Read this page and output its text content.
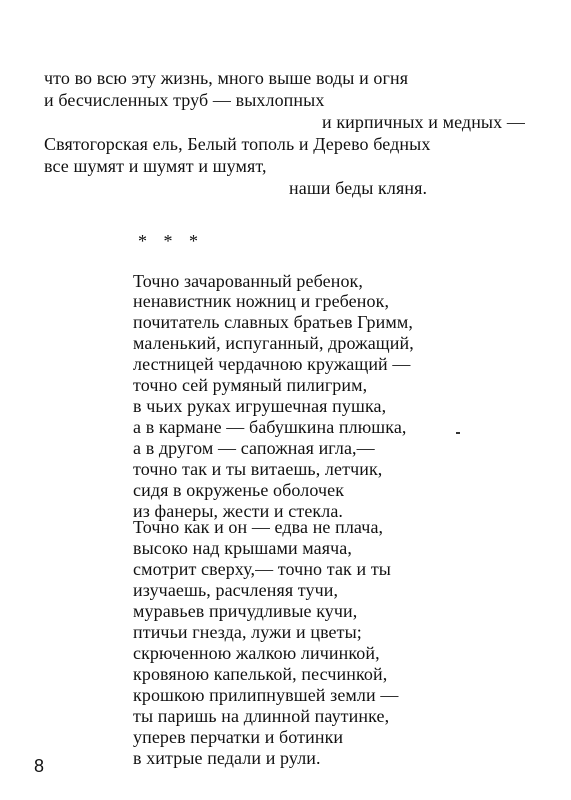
что во всю эту жизнь, много выше воды и огня
и бесчисленных труб — выхлопных
и кирпичных и медных —
Святогорская ель, Белый тополь и Дерево бедных
все шумят и шумят и шумят,
наши беды кляня.
* * *
Точно зачарованный ребенок,
ненавистник ножниц и гребенок,
почитатель славных братьев Гримм,
маленький, испуганный, дрожащий,
лестницей чердачною кружащий —
точно сей румяный пилигрим,
в чьих руках игрушечная пушка,
а в кармане — бабушкина плюшка,
а в другом — сапожная игла,—
точно так и ты витаешь, летчик,
сидя в окруженье оболочек
из фанеры, жести и стекла.
Точно как и он — едва не плача,
высоко над крышами маяча,
смотрит сверху,— точно так и ты
изучаешь, расчленяя тучи,
муравьев причудливые кучи,
птичьи гнезда, лужи и цветы;
скрюченною жалкою личинкой,
кровяною капелькой, песчинкой,
крошкою прилипнувшей земли —
ты паришь на длинной паутинке,
уперев перчатки и ботинки
в хитрые педали и рули.
8
